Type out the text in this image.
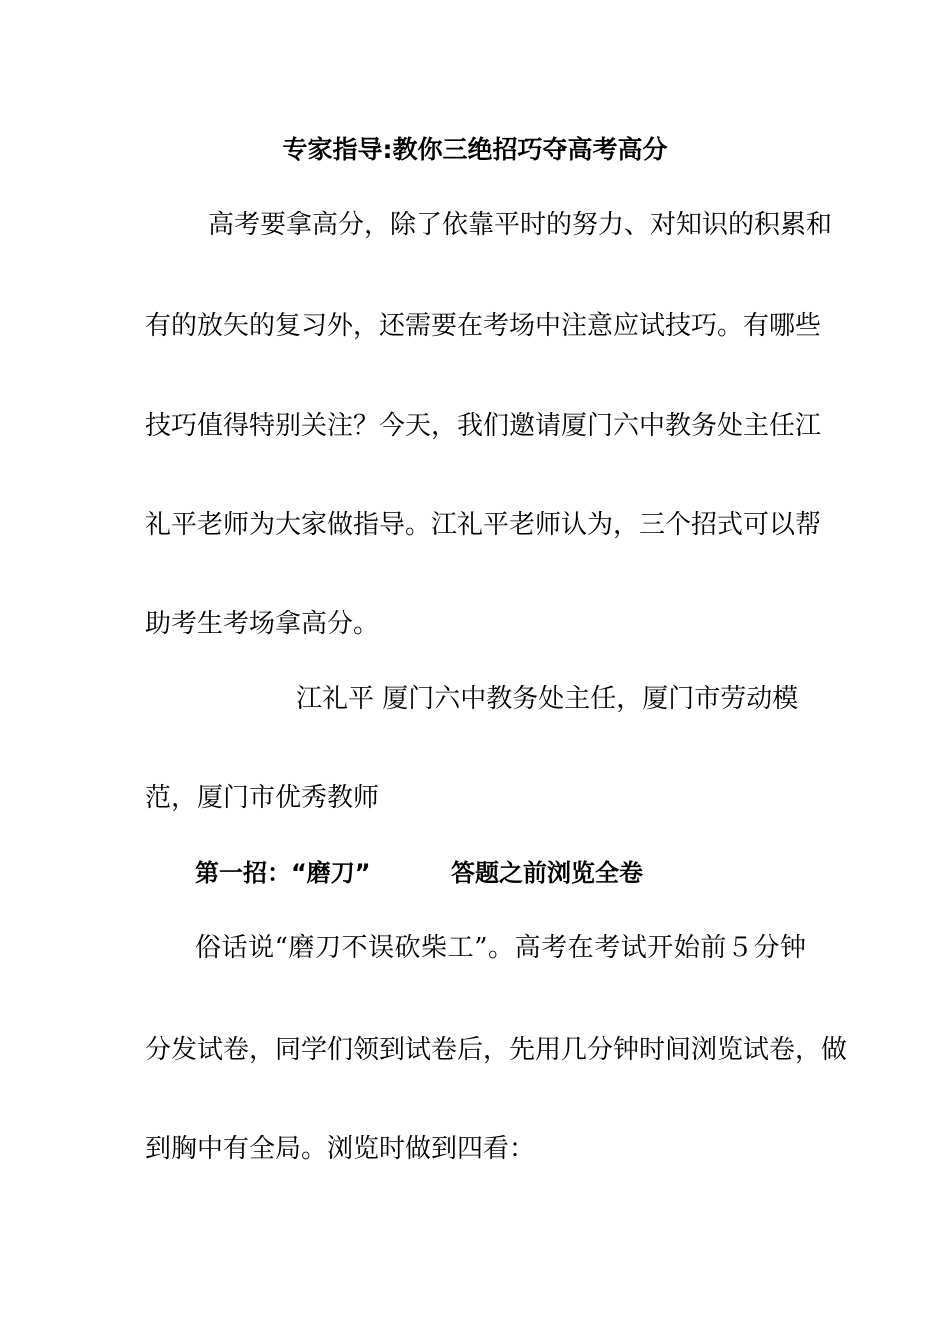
专家指导:教你三绝招巧夺高考高分
高考要拿高分，除了依靠平时的努力、对知识的积累和
有的放矢的复习外，还需要在考场中注意应试技巧。有哪些
技巧值得特别关注？今天，我们邀请厦门六中教务处主任江
礼平老师为大家做指导。江礼平老师认为，三个招式可以帮
助考生考场拿高分。
江礼平 厦门六中教务处主任，厦门市劳动模
范，厦门市优秀教师
第一招：“磨刀”	答题之前浏览全卷
俗话说“磨刀不误砍柴工”。高考在考试开始前５分钟
分发试卷，同学们领到试卷后，先用几分钟时间浏览试卷，做
到胸中有全局。浏览时做到四看：
